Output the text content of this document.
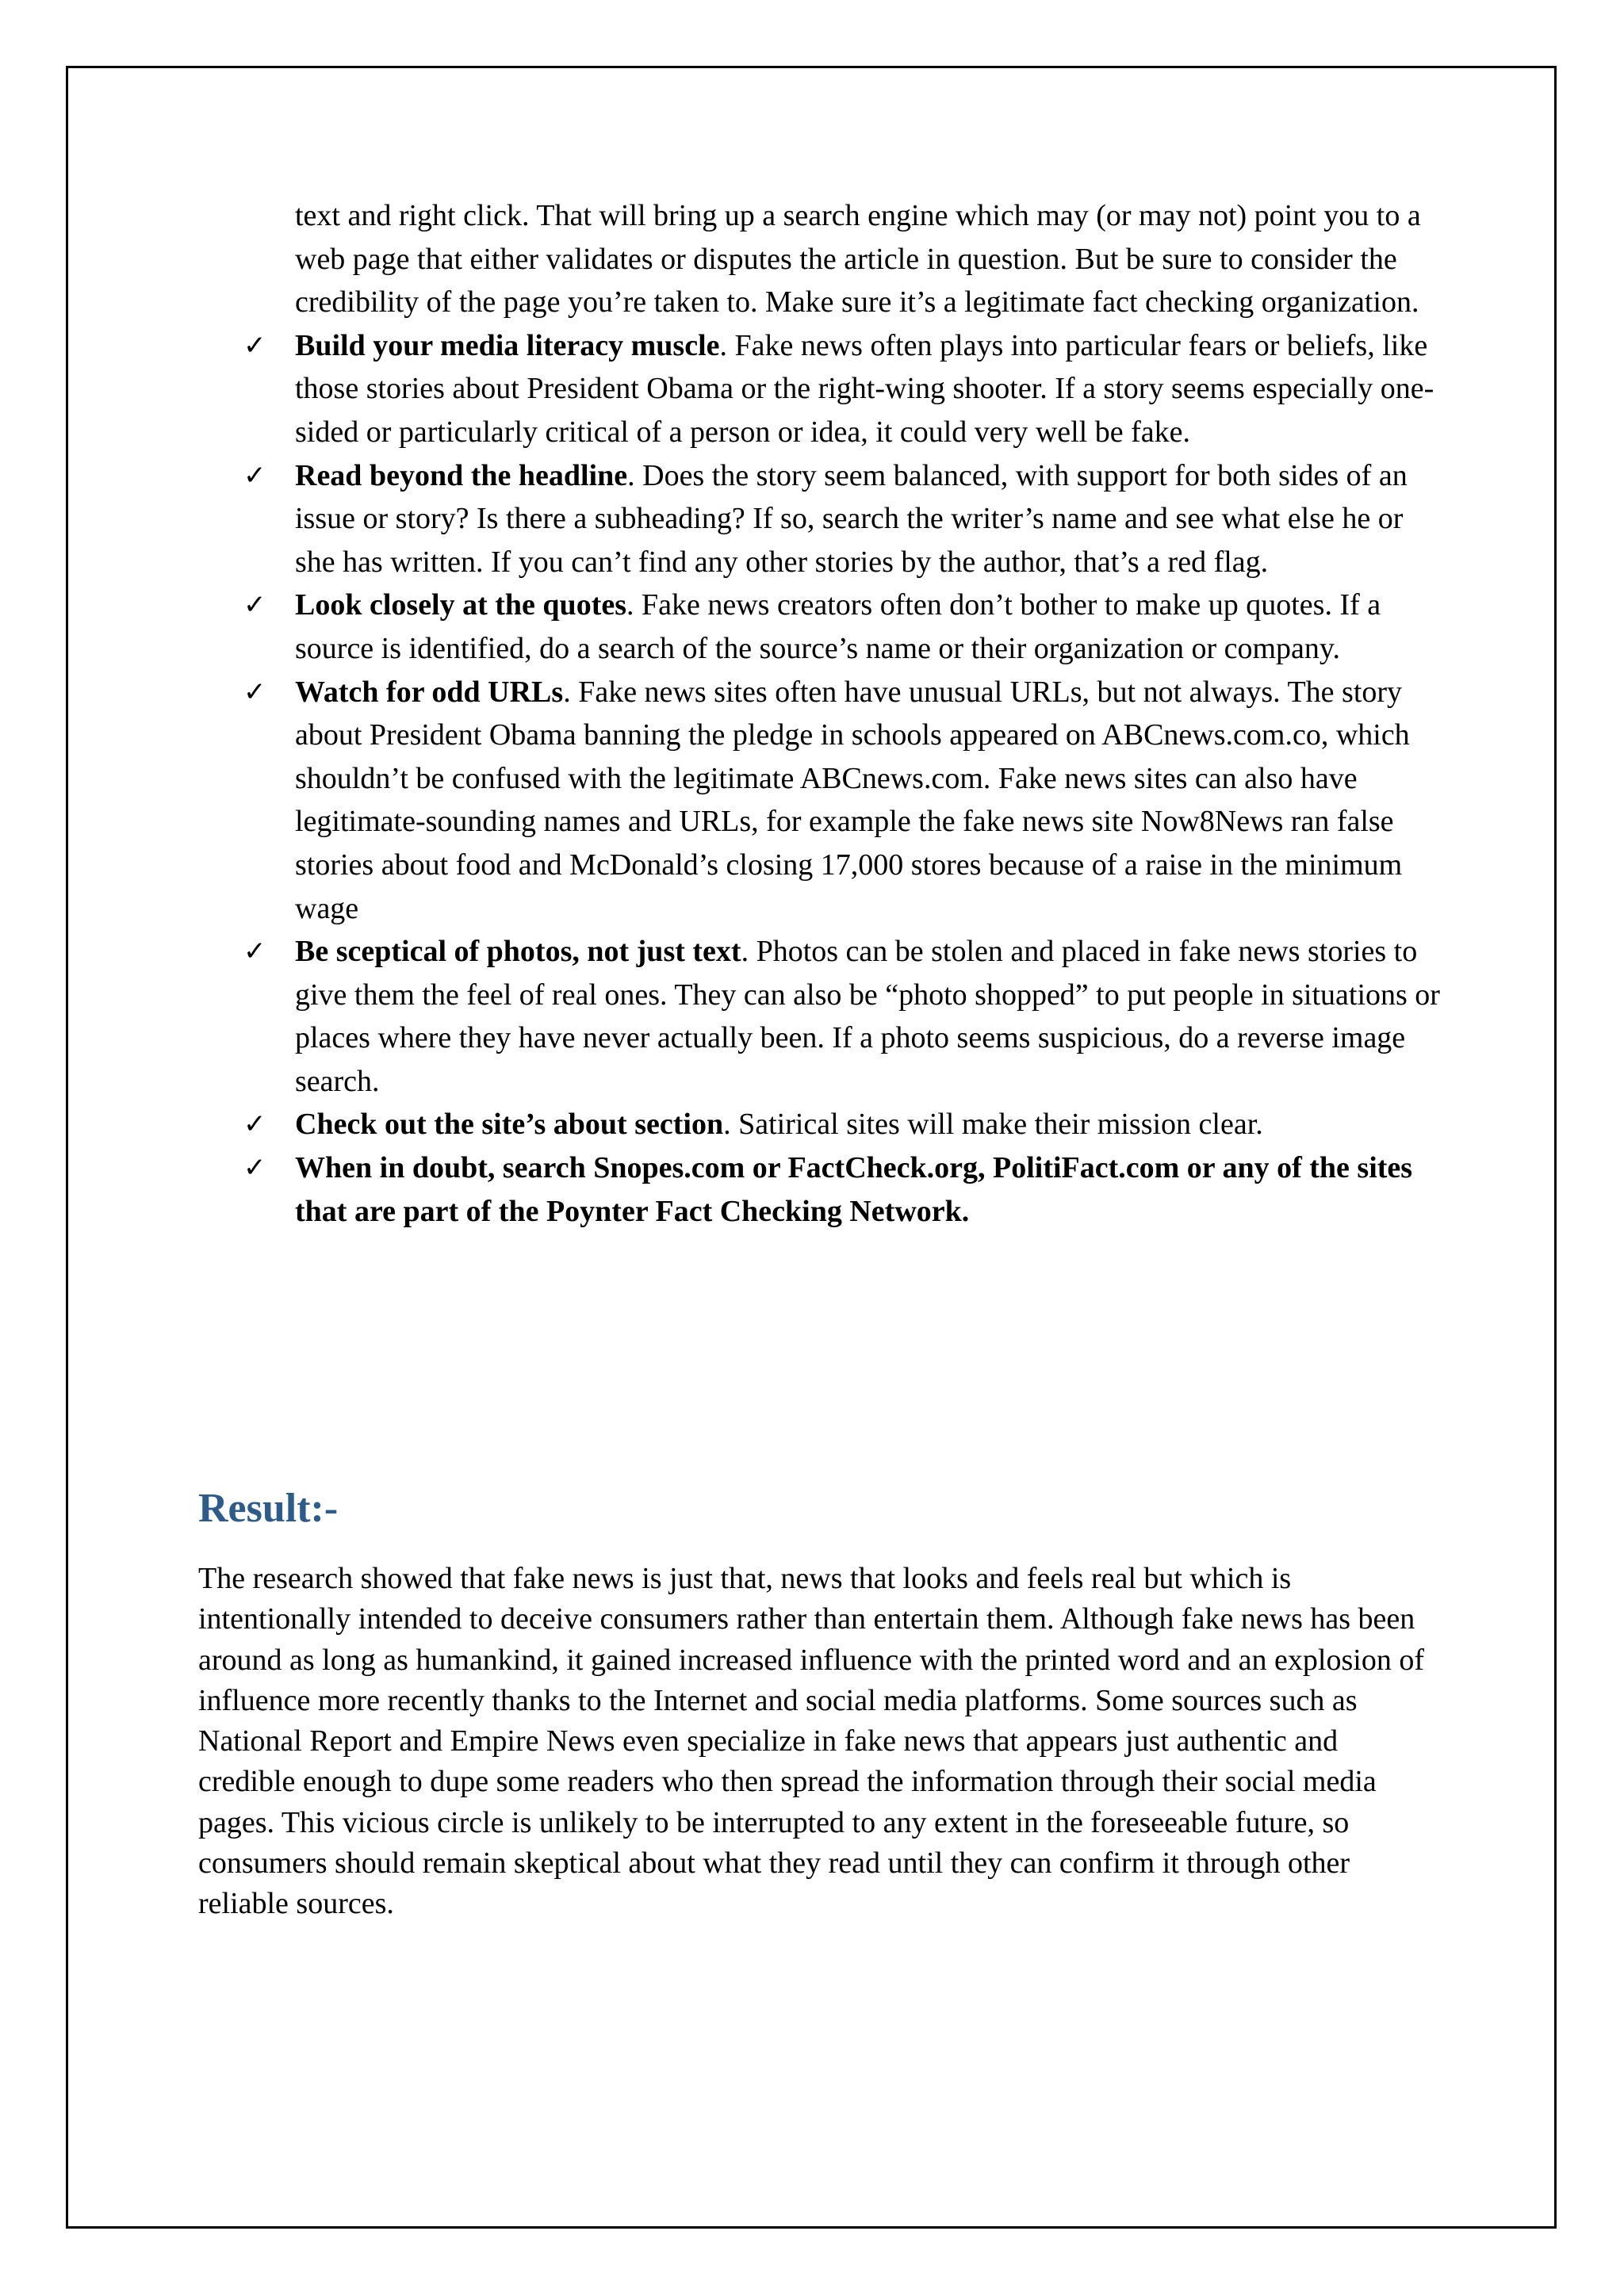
text and right click. That will bring up a search engine which may (or may not) point you to a web page that either validates or disputes the article in question. But be sure to consider the credibility of the page you’re taken to. Make sure it’s a legitimate fact checking organization.

✓ Build your media literacy muscle. Fake news often plays into particular fears or beliefs, like those stories about President Obama or the right-wing shooter. If a story seems especially one-sided or particularly critical of a person or idea, it could very well be fake.
✓ Read beyond the headline. Does the story seem balanced, with support for both sides of an issue or story? Is there a subheading? If so, search the writer’s name and see what else he or she has written. If you can’t find any other stories by the author, that’s a red flag.
✓ Look closely at the quotes. Fake news creators often don’t bother to make up quotes. If a source is identified, do a search of the source’s name or their organization or company.
✓ Watch for odd URLs. Fake news sites often have unusual URLs, but not always. The story about President Obama banning the pledge in schools appeared on ABCnews.com.co, which shouldn’t be confused with the legitimate ABCnews.com. Fake news sites can also have legitimate-sounding names and URLs, for example the fake news site Now8News ran false stories about food and McDonald’s closing 17,000 stores because of a raise in the minimum wage
✓ Be sceptical of photos, not just text. Photos can be stolen and placed in fake news stories to give them the feel of real ones. They can also be “photo shopped” to put people in situations or places where they have never actually been. If a photo seems suspicious, do a reverse image search.
✓ Check out the site’s about section. Satirical sites will make their mission clear.
✓ When in doubt, search Snopes.com or FactCheck.org, PolitiFact.com or any of the sites that are part of the Poynter Fact Checking Network.
Result:-

The research showed that fake news is just that, news that looks and feels real but which is intentionally intended to deceive consumers rather than entertain them. Although fake news has been around as long as humankind, it gained increased influence with the printed word and an explosion of influence more recently thanks to the Internet and social media platforms. Some sources such as National Report and Empire News even specialize in fake news that appears just authentic and credible enough to dupe some readers who then spread the information through their social media pages. This vicious circle is unlikely to be interrupted to any extent in the foreseeable future, so consumers should remain skeptical about what they read until they can confirm it through other reliable sources.
